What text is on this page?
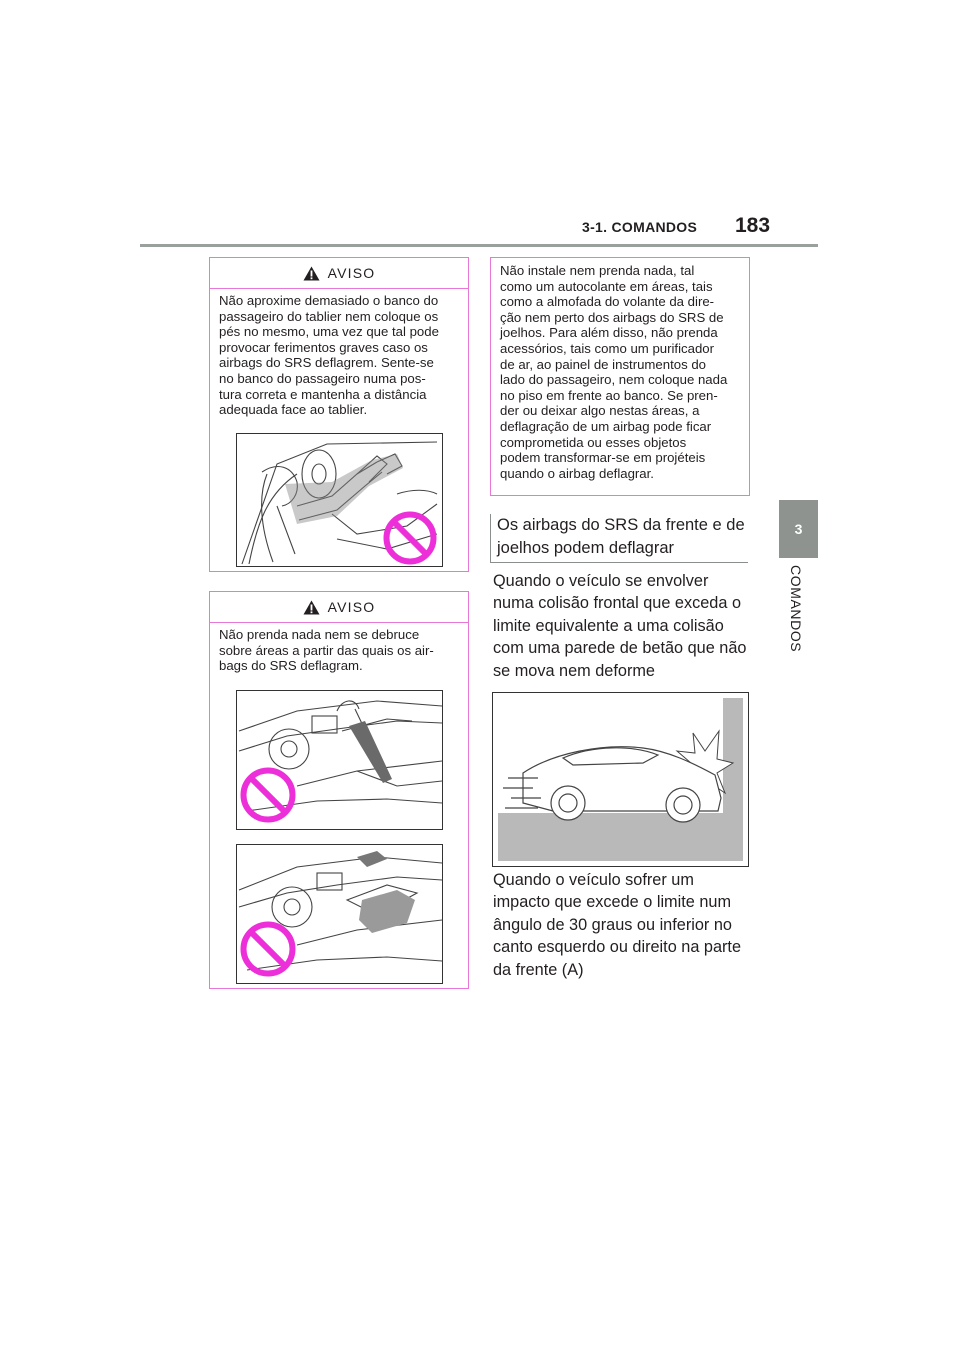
3-1. COMANDOS 183
3
COMANDOS
AVISO
Não aproxime demasiado o banco do
passageiro do tablier nem coloque os
pés no mesmo, uma vez que tal pode
provocar ferimentos graves caso os
airbags do SRS deflagrem. Sente-se
no banco do passageiro numa pos-
tura correta e mantenha a distância
adequada face ao tablier.
AVISO
Não prenda nada nem se debruce
sobre áreas a partir das quais os air-
bags do SRS deflagram.
Não instale nem prenda nada, tal
como um autocolante em áreas, tais
como a almofada do volante da dire-
ção nem perto dos airbags do SRS de
joelhos. Para além disso, não prenda
acessórios, tais como um purificador
de ar, ao painel de instrumentos do
lado do passageiro, nem coloque nada
no piso em frente ao banco. Se pren-
der ou deixar algo nestas áreas, a
deflagração de um airbag pode ficar
comprometida ou esses objetos
podem transformar-se em projéteis
quando o airbag deflagrar.
Os airbags do SRS da frente e de
joelhos podem deflagrar
Quando o veículo se envolver
numa colisão frontal que exceda o
limite equivalente a uma colisão
com uma parede de betão que não
se mova nem deforme
Quando o veículo sofrer um
impacto que excede o limite num
ângulo de 30 graus ou inferior no
canto esquerdo ou direito na parte
da frente (A)
